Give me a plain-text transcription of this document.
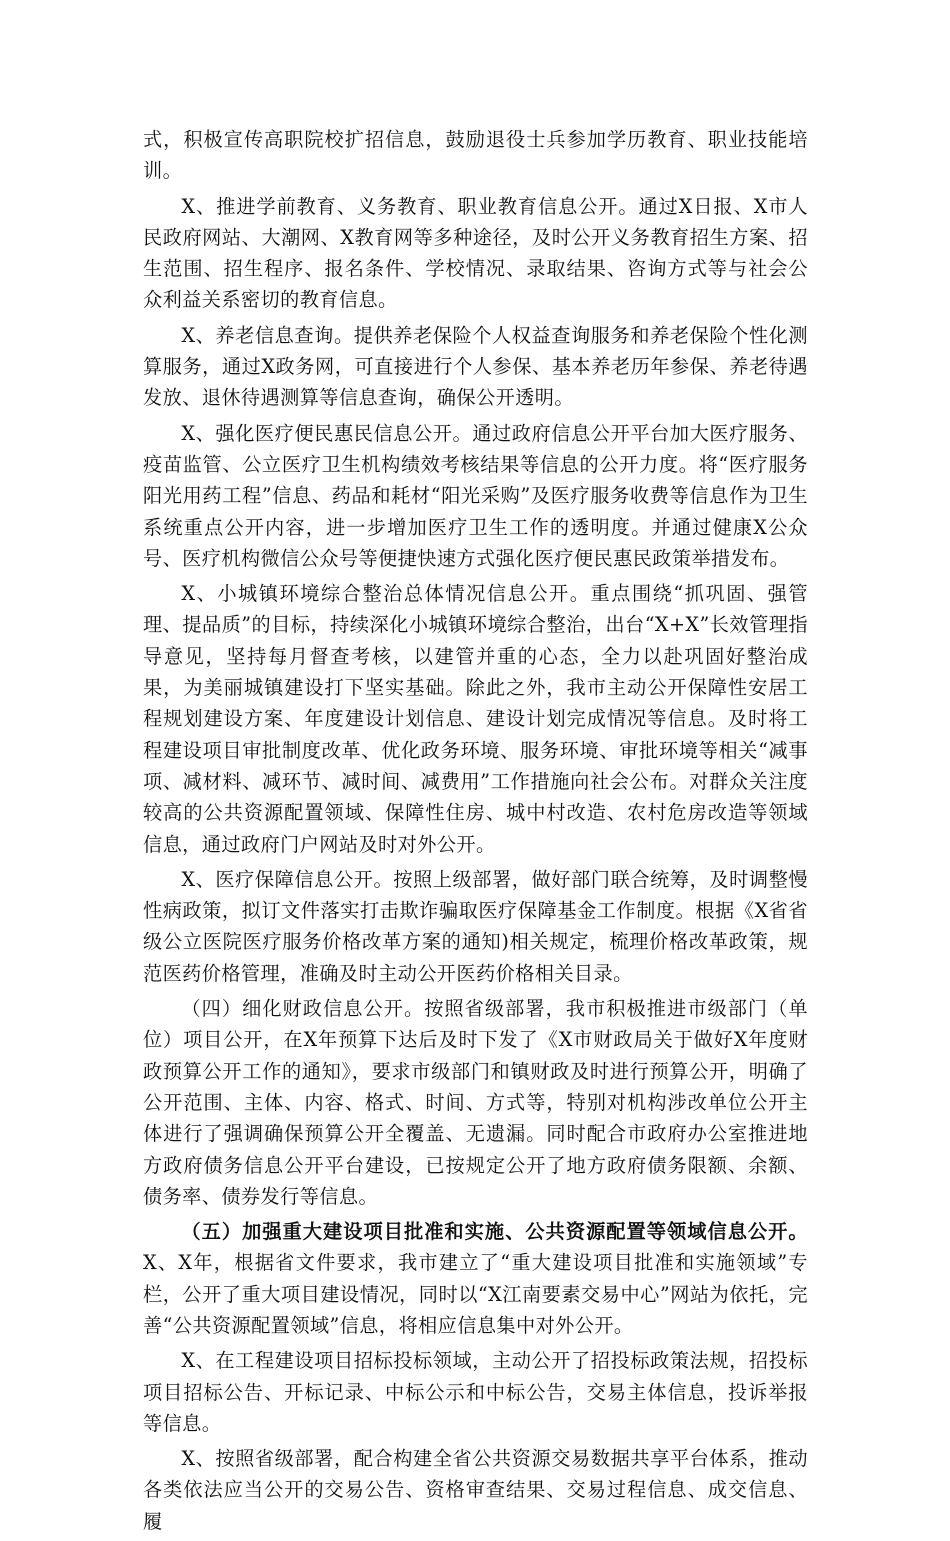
式，积极宣传高职院校扩招信息，鼓励退役士兵参加学历教育、职业技能培训。

X、推进学前教育、义务教育、职业教育信息公开。通过X日报、X市人民政府网站、大潮网、X教育网等多种途径，及时公开义务教育招生方案、招生范围、招生程序、报名条件、学校情况、录取结果、咨询方式等与社会公众利益关系密切的教育信息。

X、养老信息查询。提供养老保险个人权益查询服务和养老保险个性化测算服务，通过X政务网，可直接进行个人参保、基本养老历年参保、养老待遇发放、退休待遇测算等信息查询，确保公开透明。

X、强化医疗便民惠民信息公开。通过政府信息公开平台加大医疗服务、疫苗监管、公立医疗卫生机构绩效考核结果等信息的公开力度。将“医疗服务阳光用药工程”信息、药品和耗材“阳光采购”及医疗服务收费等信息作为卫生系统重点公开内容，进一步增加医疗卫生工作的透明度。并通过健康X公众号、医疗机构微信公众号等便捷快速方式强化医疗便民惠民政策举措发布。

X、小城镇环境综合整治总体情况信息公开。重点围绕“抓巩固、强管理、提品质”的目标，持续深化小城镇环境综合整治，出台“X+X”长效管理指导意见，坚持每月督查考核，以建管并重的心态，全力以赴巩固好整治成果，为美丽城镇建设打下坚实基础。除此之外，我市主动公开保障性安居工程规划建设方案、年度建设计划信息、建设计划完成情况等信息。及时将工程建设项目审批制度改革、优化政务环境、服务环境、审批环境等相关“减事项、减材料、减环节、减时间、减费用”工作措施向社会公布。对群众关注度较高的公共资源配置领域、保障性住房、城中村改造、农村危房改造等领域信息，通过政府门户网站及时对外公开。

X、医疗保障信息公开。按照上级部署，做好部门联合统筹，及时调整慢性病政策，拟订文件落实打击欺诈骗取医疗保障基金工作制度。根据《X省省级公立医院医疗服务价格改革方案的通知)相关规定，梳理价格改革政策，规范医药价格管理，准确及时主动公开医药价格相关目录。

（四）细化财政信息公开。按照省级部署，我市积极推进市级部门（单位）项目公开，在X年预算下达后及时下发了《X市财政局关于做好X年度财政预算公开工作的通知》，要求市级部门和镇财政及时进行预算公开，明确了公开范围、主体、内容、格式、时间、方式等，特别对机构涉改单位公开主体进行了强调确保预算公开全覆盖、无遗漏。同时配合市政府办公室推进地方政府债务信息公开平台建设，已按规定公开了地方政府债务限额、余额、债务率、债券发行等信息。

（五）加强重大建设项目批准和实施、公共资源配置等领域信息公开。X、X年，根据省文件要求，我市建立了“重大建设项目批准和实施领域”专栏，公开了重大项目建设情况，同时以“X江南要素交易中心”网站为依托，完善“公共资源配置领域”信息，将相应信息集中对外公开。

X、在工程建设项目招标投标领域，主动公开了招投标政策法规，招投标项目招标公告、开标记录、中标公示和中标公告，交易主体信息，投诉举报等信息。

X、按照省级部署，配合构建全省公共资源交易数据共享平台体系，推动各类依法应当公开的交易公告、资格审查结果、交易过程信息、成交信息、履
